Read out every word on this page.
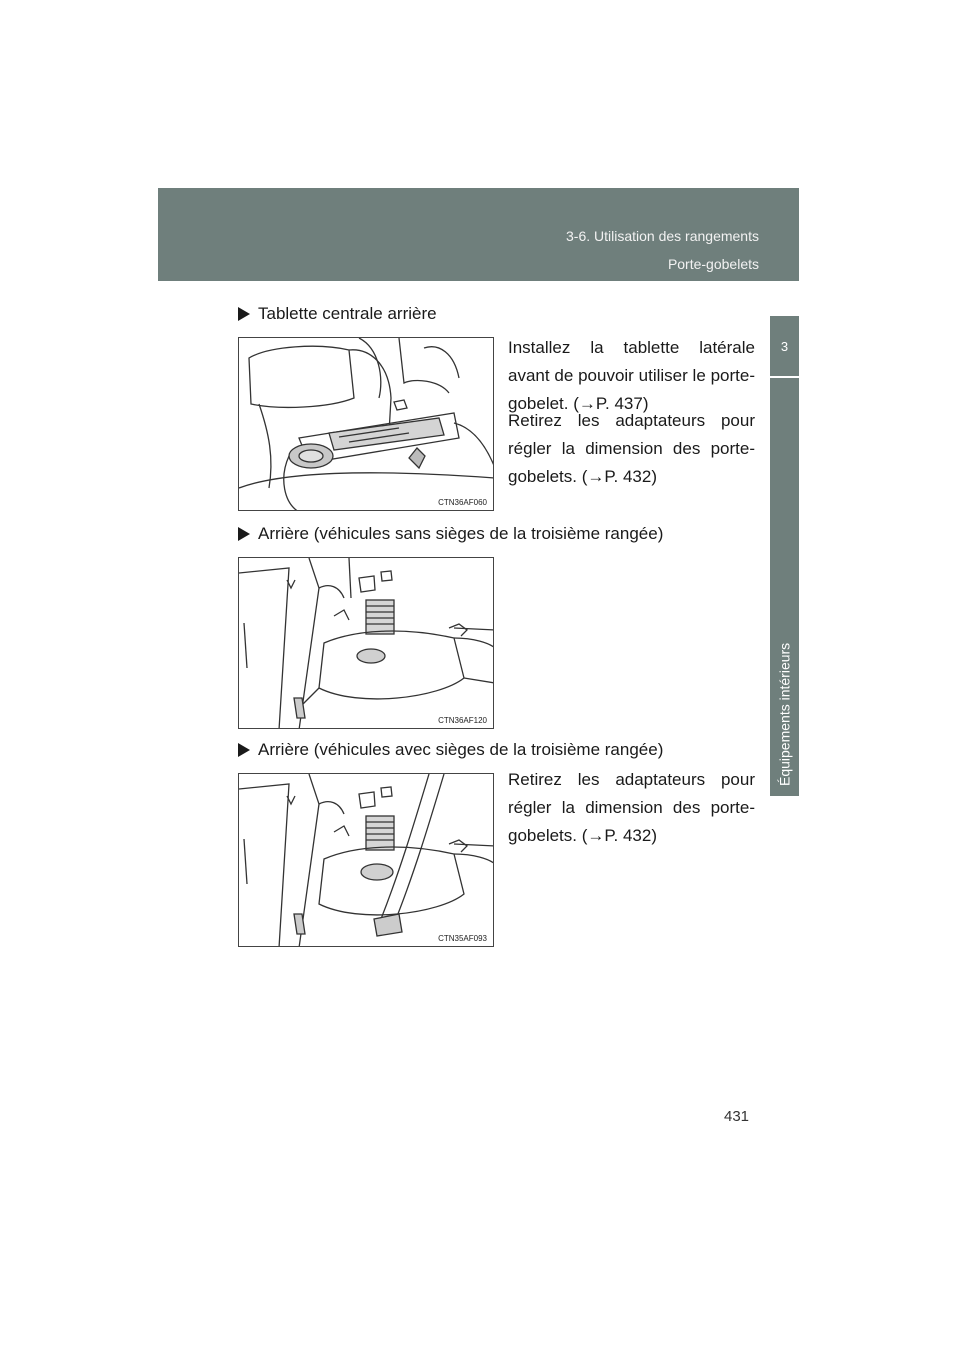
3-6. Utilisation des rangements
Porte-gobelets
3
Équipements intérieurs
Tablette centrale arrière
CTN36AF060
Installez la tablette latérale avant de pouvoir utiliser le porte-gobelet. (→P. 437)
Retirez les adaptateurs pour régler la dimension des porte-gobelets. (→P. 432)
Arrière (véhicules sans sièges de la troisième rangée)
CTN36AF120
Arrière (véhicules avec sièges de la troisième rangée)
CTN35AF093
Retirez les adaptateurs pour régler la dimension des porte-gobelets. (→P. 432)
431
